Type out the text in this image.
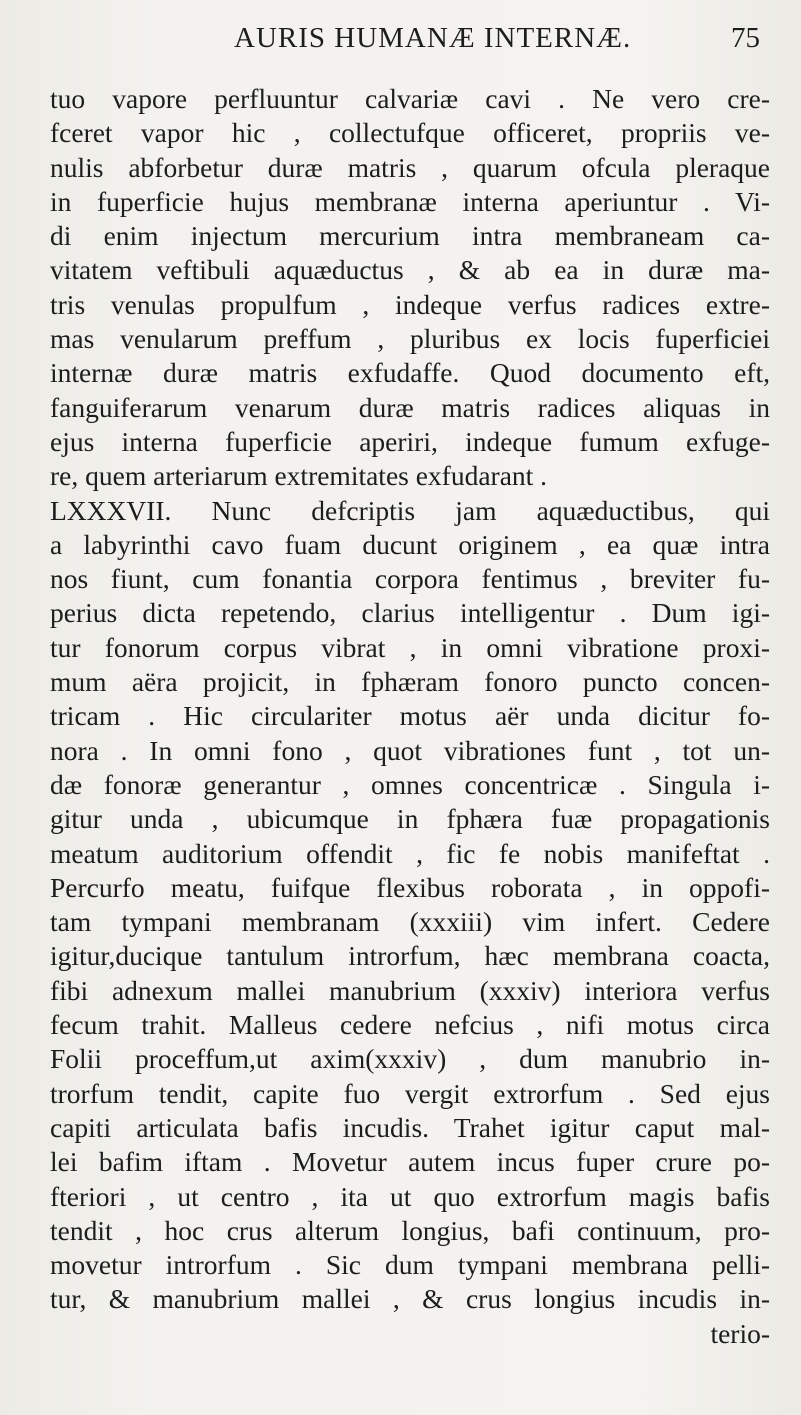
AURIS HUMANÆ INTERNÆ.	75
tuo vapore perfluuntur calvariæ cavi . Ne vero cre-
fceret vapor hic , collectufque officeret, propriis ve-
nulis abforbetur duræ matris , quarum ofcula pleraque
in fuperficie hujus membranæ interna aperiuntur . Vi-
di enim injectum mercurium intra membraneam ca-
vitatem veftibuli aquæductus , & ab ea in duræ ma-
tris venulas propulfum , indeque verfus radices extre-
mas venularum preffum , pluribus ex locis fuperficiei
internæ duræ matris exfudaffe. Quod documento eft,
fanguiferarum venarum duræ matris radices aliquas in
ejus interna fuperficie aperiri, indeque fumum exfuge-
re, quem arteriarum extremitates exfudarant .
LXXXVII. Nunc defcriptis jam aquæductibus, qui
a labyrinthi cavo fuam ducunt originem , ea quæ intra
nos fiunt, cum fonantia corpora fentimus , breviter fu-
perius dicta repetendo, clarius intelligentur . Dum igi-
tur fonorum corpus vibrat , in omni vibratione proxi-
mum aëra projicit, in fphæram fonoro puncto concen-
tricam . Hic circulariter motus aër unda dicitur fo-
nora . In omni fono , quot vibrationes funt , tot un-
dæ fonoræ generantur , omnes concentricæ . Singula i-
gitur unda , ubicumque in fphæra fuæ propagationis
meatum auditorium offendit , fic fe nobis manifeftat .
Percurfo meatu, fuifque flexibus roborata , in oppofi-
tam tympani membranam (xxxiii) vim infert. Cedere
igitur,ducique tantulum introrfum, hæc membrana coacta,
fibi adnexum mallei manubrium (xxxiv) interiora verfus
fecum trahit. Malleus cedere nefcius , nifi motus circa
Folii proceffum,ut axim(xxxiv) , dum manubrio in-
trorfum tendit, capite fuo vergit extrorfum . Sed ejus
capiti articulata bafis incudis. Trahet igitur caput mal-
lei bafim iftam . Movetur autem incus fuper crure po-
fteriori , ut centro , ita ut quo extrorfum magis bafis
tendit , hoc crus alterum longius, bafi continuum, pro-
movetur introrfum . Sic dum tympani membrana pelli-
tur, & manubrium mallei , & crus longius incudis in-
terio-
